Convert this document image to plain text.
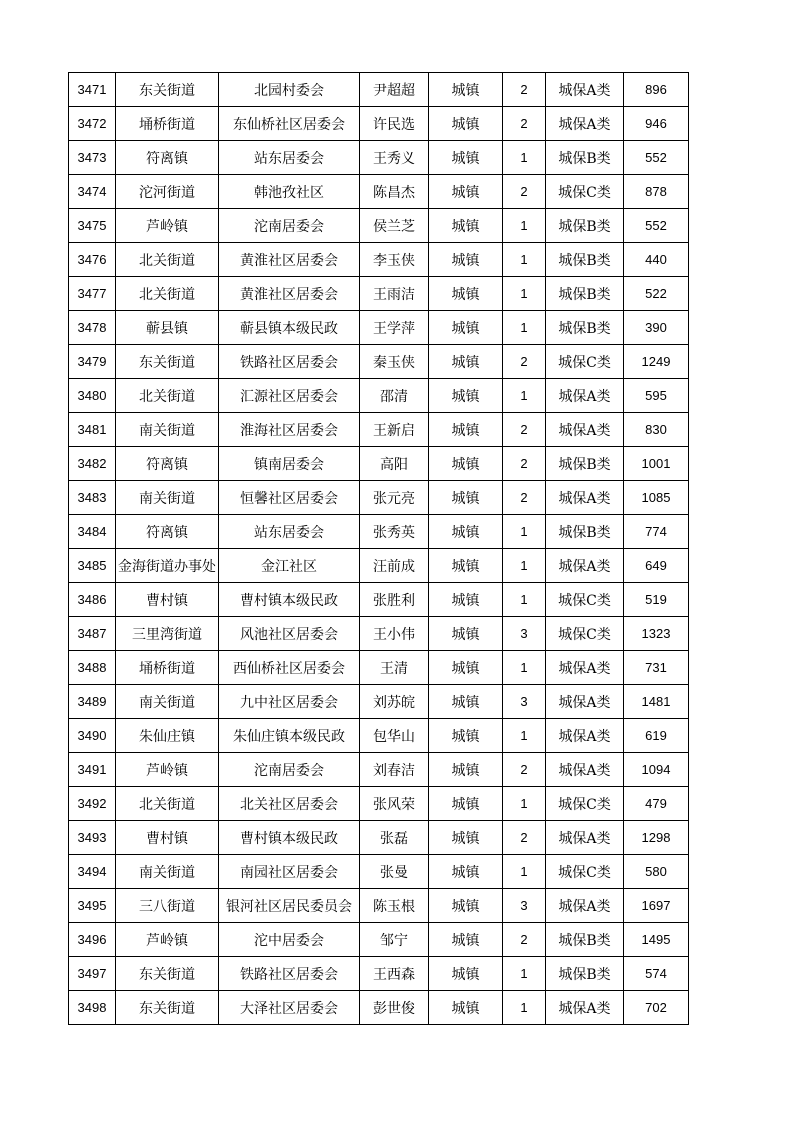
3471	东关街道	北园村委会	尹超超	城镇	2	城保A类	896
3472	埇桥街道	东仙桥社区居委会	许民选	城镇	2	城保A类	946
3473	符离镇	站东居委会	王秀义	城镇	1	城保B类	552
3474	沱河街道	韩池孜社区	陈昌杰	城镇	2	城保C类	878
3475	芦岭镇	沱南居委会	侯兰芝	城镇	1	城保B类	552
3476	北关街道	黄淮社区居委会	李玉侠	城镇	1	城保B类	440
3477	北关街道	黄淮社区居委会	王雨洁	城镇	1	城保B类	522
3478	蕲县镇	蕲县镇本级民政	王学萍	城镇	1	城保B类	390
3479	东关街道	铁路社区居委会	秦玉侠	城镇	2	城保C类	1249
3480	北关街道	汇源社区居委会	邵清	城镇	1	城保A类	595
3481	南关街道	淮海社区居委会	王新启	城镇	2	城保A类	830
3482	符离镇	镇南居委会	高阳	城镇	2	城保B类	1001
3483	南关街道	恒馨社区居委会	张元亮	城镇	2	城保A类	1085
3484	符离镇	站东居委会	张秀英	城镇	1	城保B类	774
3485	金海街道办事处	金江社区	汪前成	城镇	1	城保A类	649
3486	曹村镇	曹村镇本级民政	张胜利	城镇	1	城保C类	519
3487	三里湾街道	风池社区居委会	王小伟	城镇	3	城保C类	1323
3488	埇桥街道	西仙桥社区居委会	王清	城镇	1	城保A类	731
3489	南关街道	九中社区居委会	刘苏皖	城镇	3	城保A类	1481
3490	朱仙庄镇	朱仙庄镇本级民政	包华山	城镇	1	城保A类	619
3491	芦岭镇	沱南居委会	刘春洁	城镇	2	城保A类	1094
3492	北关街道	北关社区居委会	张风荣	城镇	1	城保C类	479
3493	曹村镇	曹村镇本级民政	张磊	城镇	2	城保A类	1298
3494	南关街道	南园社区居委会	张曼	城镇	1	城保C类	580
3495	三八街道	银河社区居民委员会	陈玉根	城镇	3	城保A类	1697
3496	芦岭镇	沱中居委会	邹宁	城镇	2	城保B类	1495
3497	东关街道	铁路社区居委会	王西森	城镇	1	城保B类	574
3498	东关街道	大泽社区居委会	彭世俊	城镇	1	城保A类	702
